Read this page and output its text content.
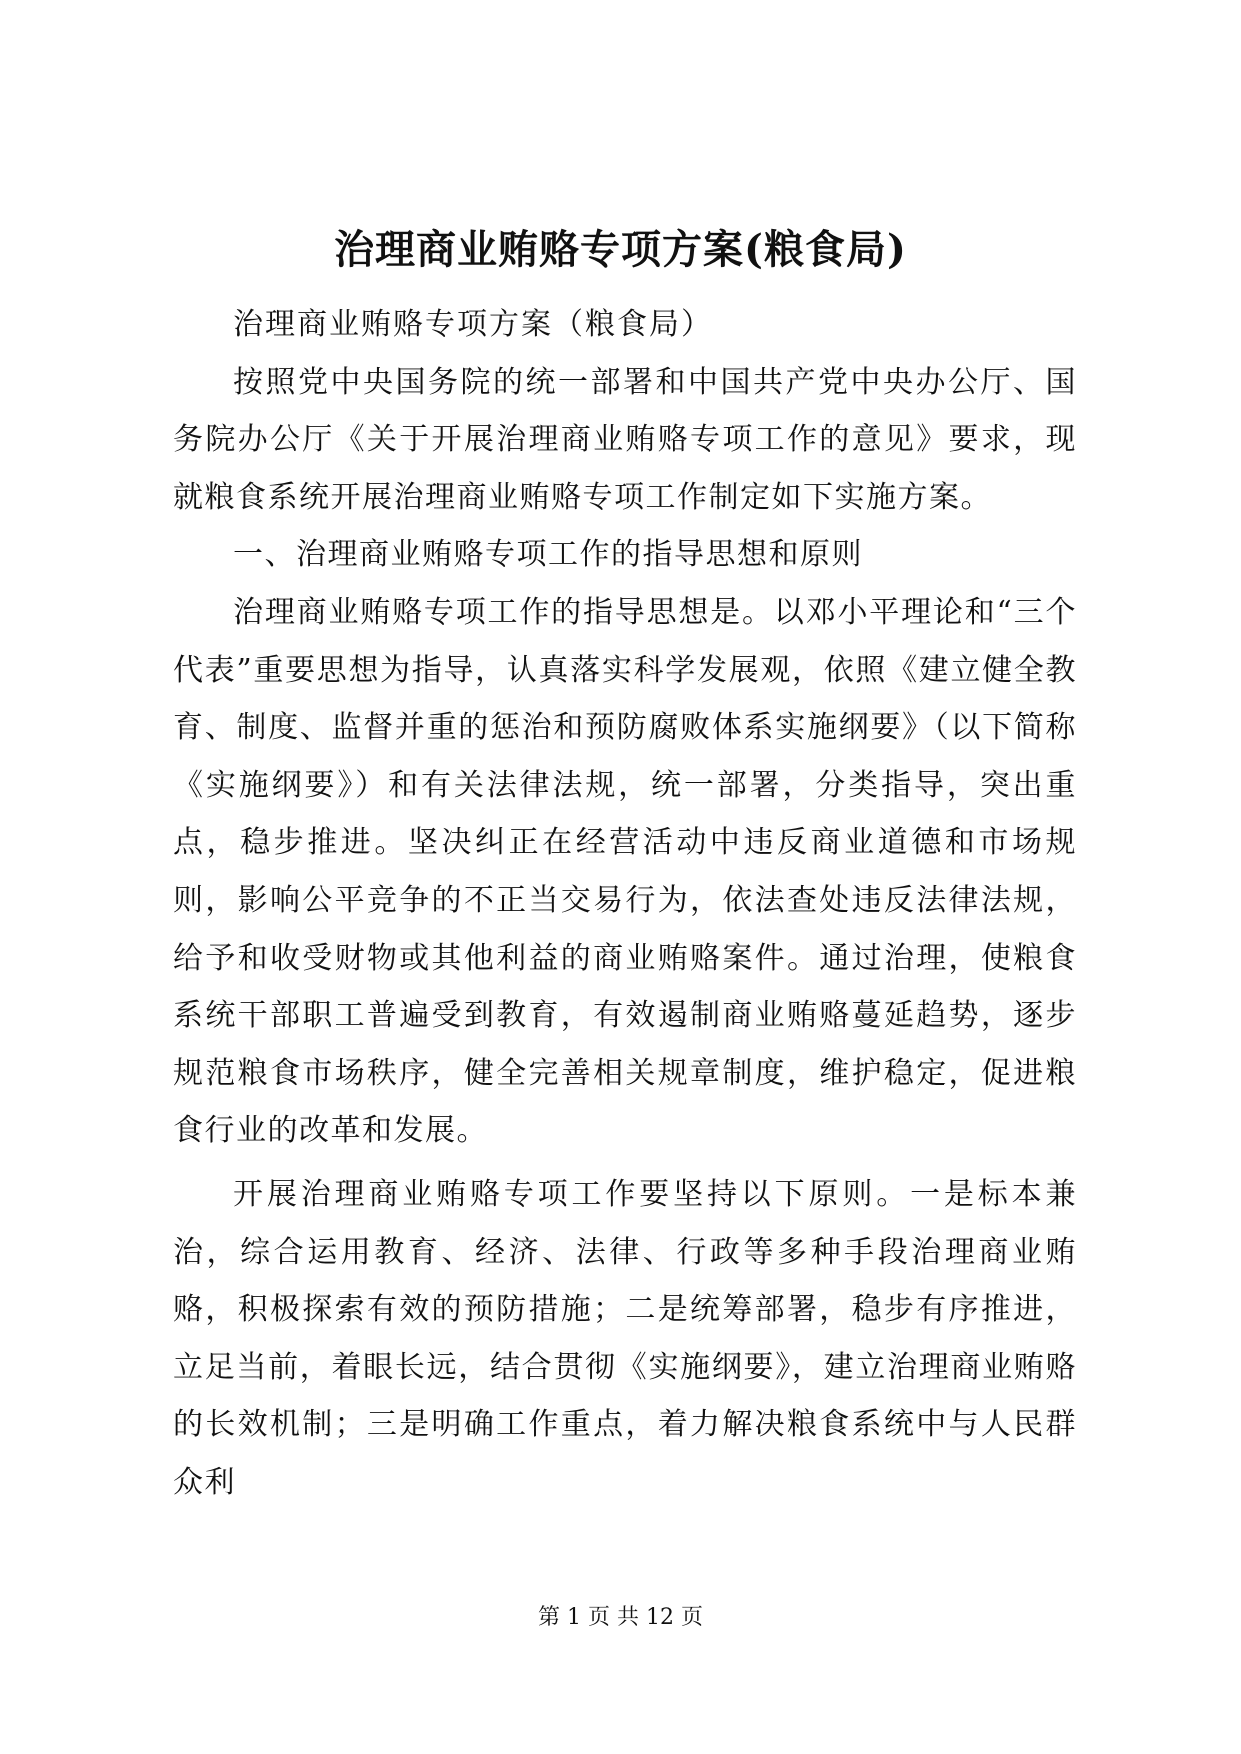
治理商业贿赂专项方案(粮食局)

治理商业贿赂专项方案（粮食局）

按照党中央国务院的统一部署和中国共产党中央办公厅、国务院办公厅《关于开展治理商业贿赂专项工作的意见》要求，现就粮食系统开展治理商业贿赂专项工作制定如下实施方案。

一、治理商业贿赂专项工作的指导思想和原则

治理商业贿赂专项工作的指导思想是。以邓小平理论和“三个代表”重要思想为指导，认真落实科学发展观，依照《建立健全教育、制度、监督并重的惩治和预防腐败体系实施纲要》（以下简称《实施纲要》）和有关法律法规，统一部署，分类指导，突出重点，稳步推进。坚决纠正在经营活动中违反商业道德和市场规则，影响公平竞争的不正当交易行为，依法查处违反法律法规，给予和收受财物或其他利益的商业贿赂案件。通过治理，使粮食系统干部职工普遍受到教育，有效遏制商业贿赂蔓延趋势，逐步规范粮食市场秩序，健全完善相关规章制度，维护稳定，促进粮食行业的改革和发展。

开展治理商业贿赂专项工作要坚持以下原则。一是标本兼治，综合运用教育、经济、法律、行政等多种手段治理商业贿赂，积极探索有效的预防措施；二是统筹部署，稳步有序推进，立足当前，着眼长远，结合贯彻《实施纲要》，建立治理商业贿赂的长效机制；三是明确工作重点，着力解决粮食系统中与人民群众利

第 1 页 共 12 页
